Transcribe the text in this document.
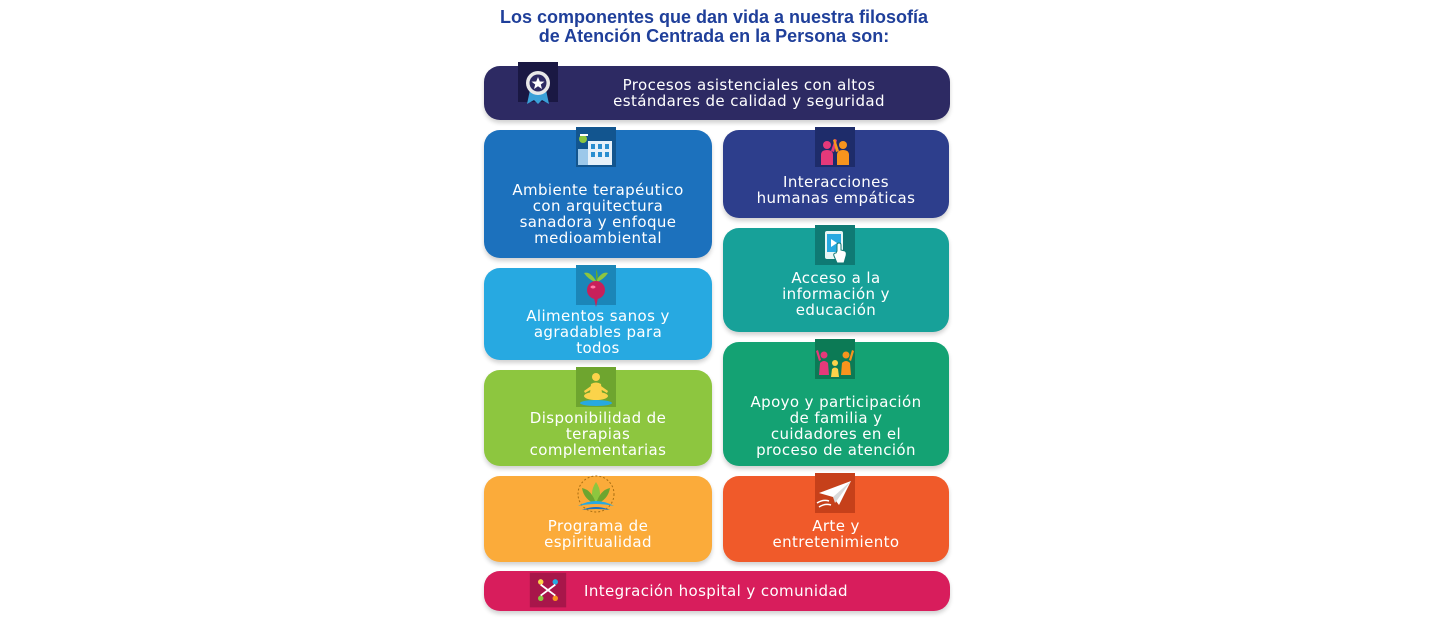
Los componentes que dan vida a nuestra filosofía
de Atención Centrada en la Persona son:
Procesos asistenciales con altos
estándares de calidad y seguridad
Ambiente terapéutico
con arquitectura
sanadora y enfoque
medioambiental
Interacciones
humanas empáticas
Acceso a la
información y
educación
Alimentos sanos y
agradables para
todos
Apoyo y participación
de familia y
cuidadores en el
proceso de atención
Disponibilidad de
terapias
complementarias
Programa de
espiritualidad
Arte y
entretenimiento
Integración hospital y comunidad
